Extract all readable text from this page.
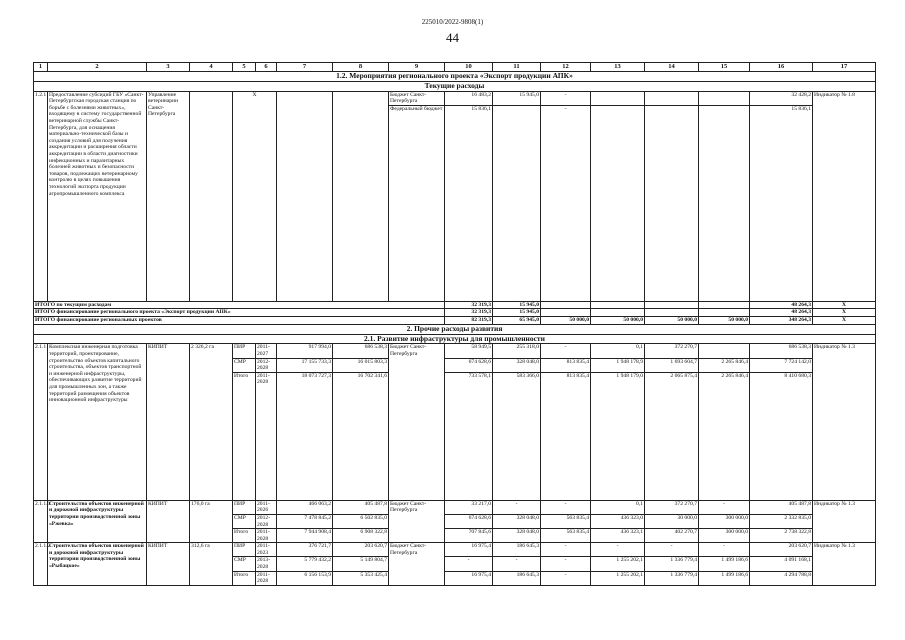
225010/2022-9808(1)
44
1	2	3	4	5	6	7	8	9	10	11	12	13	14	15	16	17
1.2. Мероприятия регионального проекта «Экспорт продукции АПК»																
Текущие расходы																
1.2.1	Предоставление субсидий ГБУ «Санкт-Петербургская городская станция по борьбе с болезнями животных», входящему в систему государственной ветеринарной службы Санкт-Петербурга, для оснащения материально-технической базы и создания условий для получения аккредитации и расширения области аккредитации в области диагностики инфекционных и паразитарных болезней животных и безопасности товаров, подлежащих ветеринарному контролю в целях повышения технологий экспорта продукции агропромышленного комплекса	Управление ветеринарии Санкт-Петербурга		Х				Бюджет Санкт-Петербурга	16 483,2	15 945,0	-				32 428,2	Индикатор № 1.8
								Федеральный бюджет	15 836,1		-				15 836,1	
ИТОГО по текущим расходам									32 319,3	15 945,0					48 264,3	Х
ИТОГО финансирование регионального проекта «Экспорт продукции АПК»									32 319,3	15 945,0					48 264,3	Х
ИТОГО финансирование региональных проектов									82 319,3	65 945,0	50 000,0	50 000,0	50 000,0	50 000,0	348 264,3	Х
2. Прочие расходы развития																
2.1. Развитие инфраструктуры для промышленности																
2.1.1	Комплексная инженерная подготовка территорий, проектирование, строительство объектов капитального строительства, объектов транспортной и инженерной инфраструктуры, обеспечивающих развитие территорий для промышленных зон, а также территорий размещения объектов инновационной инфраструктуры	КИПИТ	2 326,2 га	ПИР	2011-2027	917 994,0	686 538,3	Бюджет Санкт-Петербурга	58 949,5	255 318,0	-	0,1	372 270,7		686 538,3	Индикатор № 1.3
				СМР	2012-2028	17 155 733,3	16 015 803,3		674 628,6	328 048,0	813 835,4	1 948 178,9	1 693 604,7	2 265 846,4	7 724 142,0	
				Итого	2011-2028	18 073 727,3	16 702 341,6		733 578,1	583 366,0	813 835,4	1 948 179,0	2 065 875,4	2 265 846,4	8 410 680,3	
2.1.1.1	Строительство объектов инженерной и дорожной инфраструктуры территории производственной зоны «Ржевка»	КИПИТ	176,0 га	ПИР	2011-2026	466 063,2	405 487,8	Бюджет Санкт-Петербурга	33 217,0	-	-	0,1	372 270,7	-	405 487,8	Индикатор № 1.3
				СМР	2012-2028	7 478 845,2	6 502 835,0		674 628,6	328 048,0	563 835,4	436 323,0	30 000,0	300 000,0	2 332 835,0	
				Итого	2011-2028	7 944 908,4	6 908 322,8		707 845,6	328 048,0	563 835,4	436 323,1	402 270,7	300 000,0	2 738 322,8	
2.1.1.2	Строительство объектов инженерной и дорожной инфраструктуры территории производственной зоны «Рыбацкое»	КИПИТ	312,6 га	ПИР	2011-2023	376 721,7	203 620,7	Бюджет Санкт-Петербурга	16 975,4	186 645,3	-	-	-	-	203 620,7	Индикатор № 1.3
				СМР	2013-2028	5 779 432,2	5 149 804,7		-	-	-	1 255 202,1	1 336 779,4	1 499 186,6	4 091 168,1	
				Итого	2011-2028	6 156 153,9	5 353 425,4		16 975,4	186 645,3	-	1 255 202,1	1 336 779,4	1 499 186,6	4 294 788,8	
